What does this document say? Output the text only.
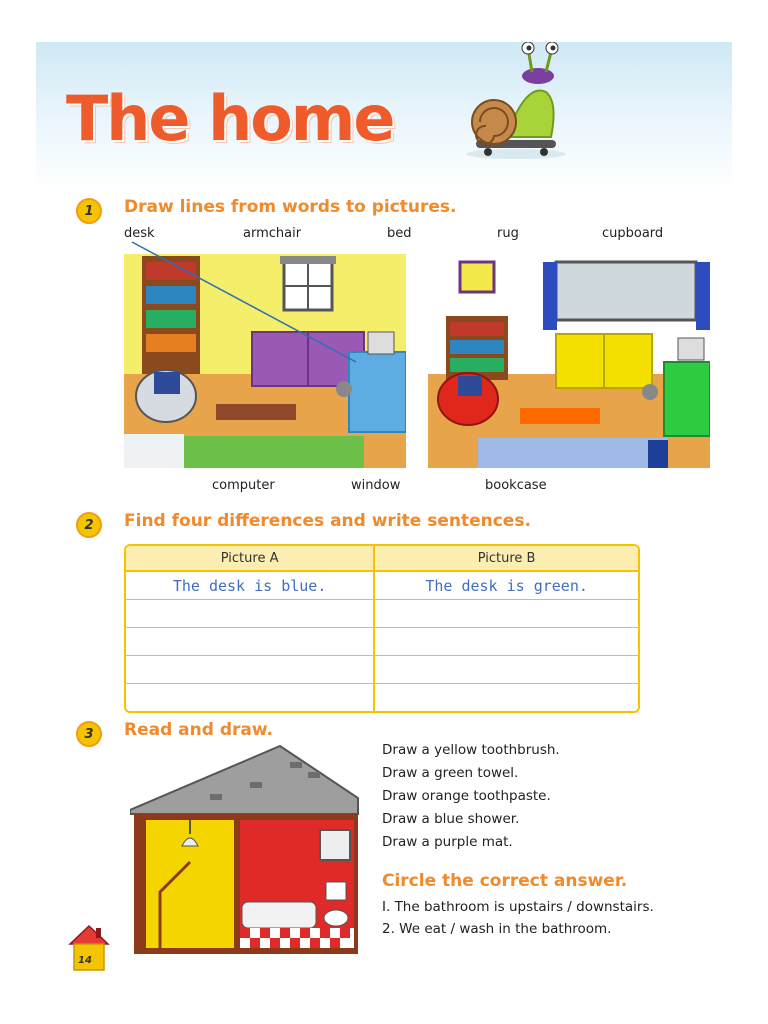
The home
1	Draw lines from words to pictures.
desk	armchair	bed	rug	cupboard
computer	window	bookcase
2	Find four differences and write sentences.
Picture A	Picture B
The desk is blue.	The desk is green.

3	Read and draw.
Draw a yellow toothbrush.
Draw a green towel.
Draw orange toothpaste.
Draw a blue shower.
Draw a purple mat.
Circle the correct answer.
I. The bathroom is upstairs / downstairs.
2. We eat / wash in the bathroom.
14
